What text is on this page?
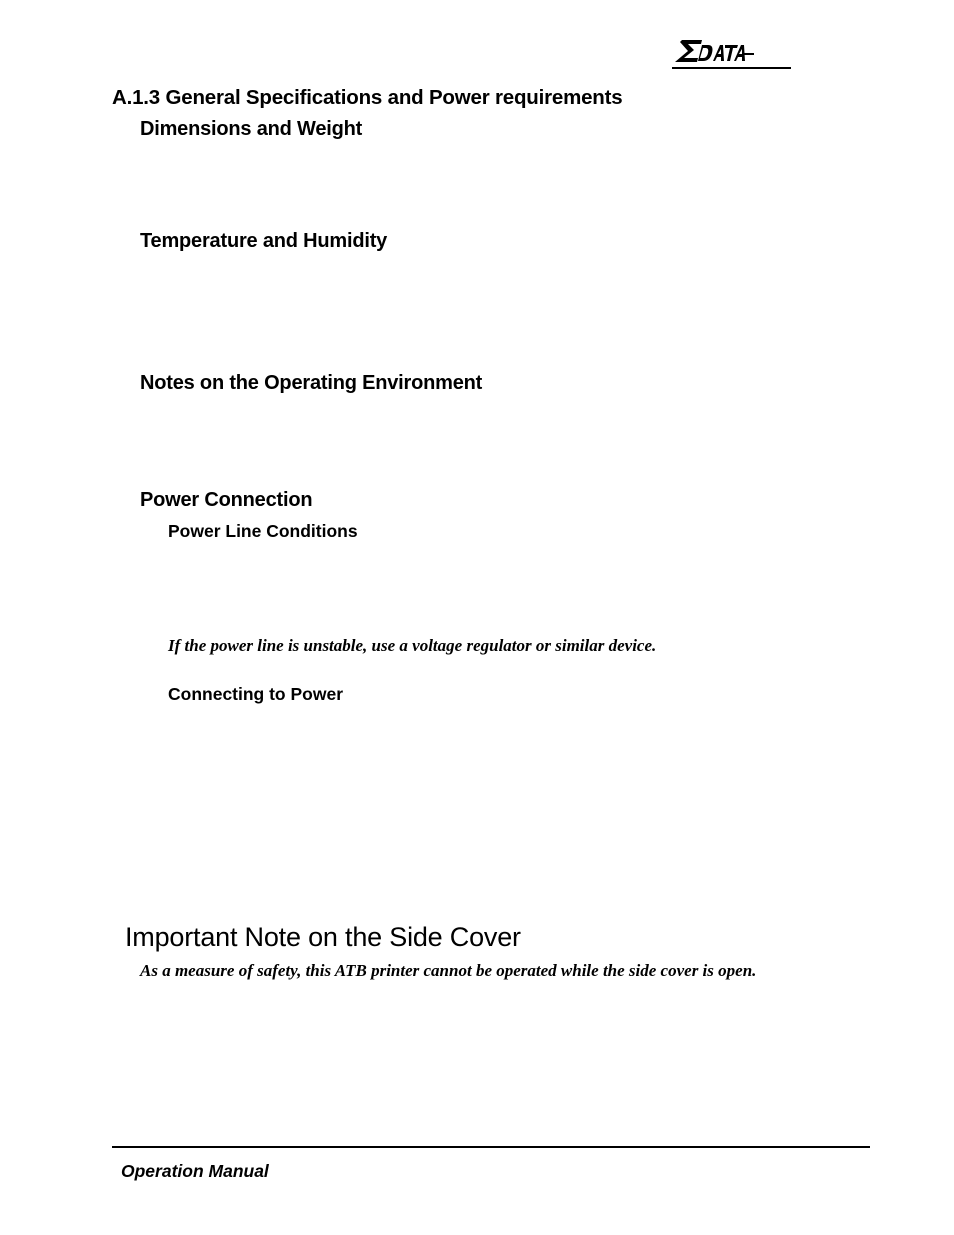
A.1.3 General Specifications and Power requirements
Dimensions and Weight
Temperature and Humidity
Notes on the Operating Environment
Power Connection
Power Line Conditions
If the power line is unstable, use a voltage regulator or similar device.
Connecting to Power
Important Note on the Side Cover
As a measure of safety, this ATB printer cannot be operated while the side cover is open.
Operation Manual
